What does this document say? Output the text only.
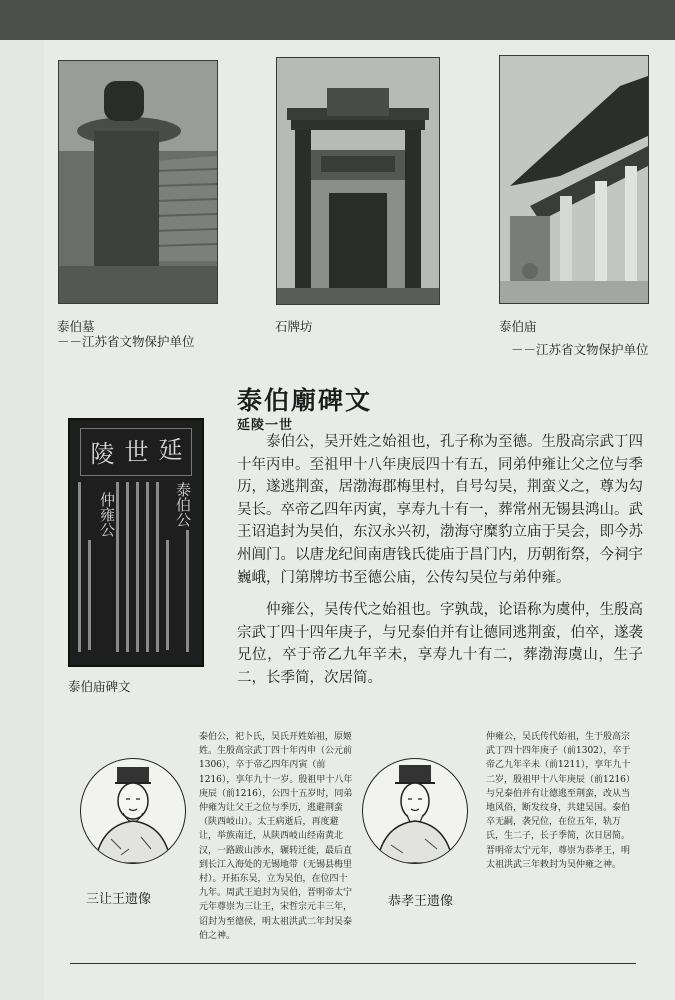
泰伯墓
－－江苏省文物保护单位
石牌坊	泰伯庙
－－江苏省文物保护单位
泰伯廟碑文
延陵一世

泰伯公，吴开姓之始祖也，孔子称为至德。生殷高宗武丁四十年丙申。至祖甲十八年庚辰四十有五，同弟仲雍让父之位与季历，遂逃荆蛮，居渤海郡梅里村，自号勾吴，荆蛮义之，尊为勾吴长。卒帝乙四年丙寅，享寿九十有一，葬常州无锡县鸿山。武王诏追封为吴伯，东汉永兴初，渤海守糜豹立庙于吴会，即今苏州阊门。以唐龙纪间南唐钱氏徙庙于昌门内，历朝衔祭，今祠宇巍峨，门第牌坊书至德公庙，公传勾吴位与弟仲雍。

仲雍公，吴传代之始祖也。字孰哉，论语称为虞仲，生殷高宗武丁四十四年庚子，与兄泰伯并有让德同逃荆蛮，伯卒，遂袭兄位，卒于帝乙九年辛未，享寿九十有二，葬渤海虞山，生子二，长季简，次居简。

延
世
陵
泰伯公
仲雍公
泰伯庙碑文
三让王遗像

泰伯公，祀卜氏，吴氏开姓始祖，原姬姓。生殷高宗武丁四十年丙申（公元前1306），卒于帝乙四年丙寅（前1216），享年九十一岁。殷祖甲十八年庚辰（前1216），公四十五岁时，同弟仲雍为让父王之位与季历，逃避荆蛮（陕西岐山）。太王病逝后，再度避让，举族南迁，从陕西岐山经南黄北汉，一路跋山涉水，辗转迁徙，最后直到长江入海处的无锡地带（无锡县梅里村）。开拓东吴，立为吴伯，在位四十九年。周武王追封为吴伯，晋明帝太宁元年尊崇为三让王，宋哲宗元丰三年，诏封为至德侯，明太祖洪武二年封吴泰伯之神。

恭孝王遗像

仲雍公，吴氏传代始祖，生于殷高宗武丁四十四年庚子（前1302），卒于帝乙九年辛未（前1211），享年九十二岁，殷祖甲十八年庚辰（前1216）与兄泰伯并有让德逃至荆蛮，改从当地风俗，断发纹身，共建吴国。泰伯卒无嗣，袭兄位，在位五年，轨万氏，生二子，长子季简，次日居简。晋明帝太宁元年，尊崇为恭孝王，明太祖洪武三年敕封为吴仲雍之神。
